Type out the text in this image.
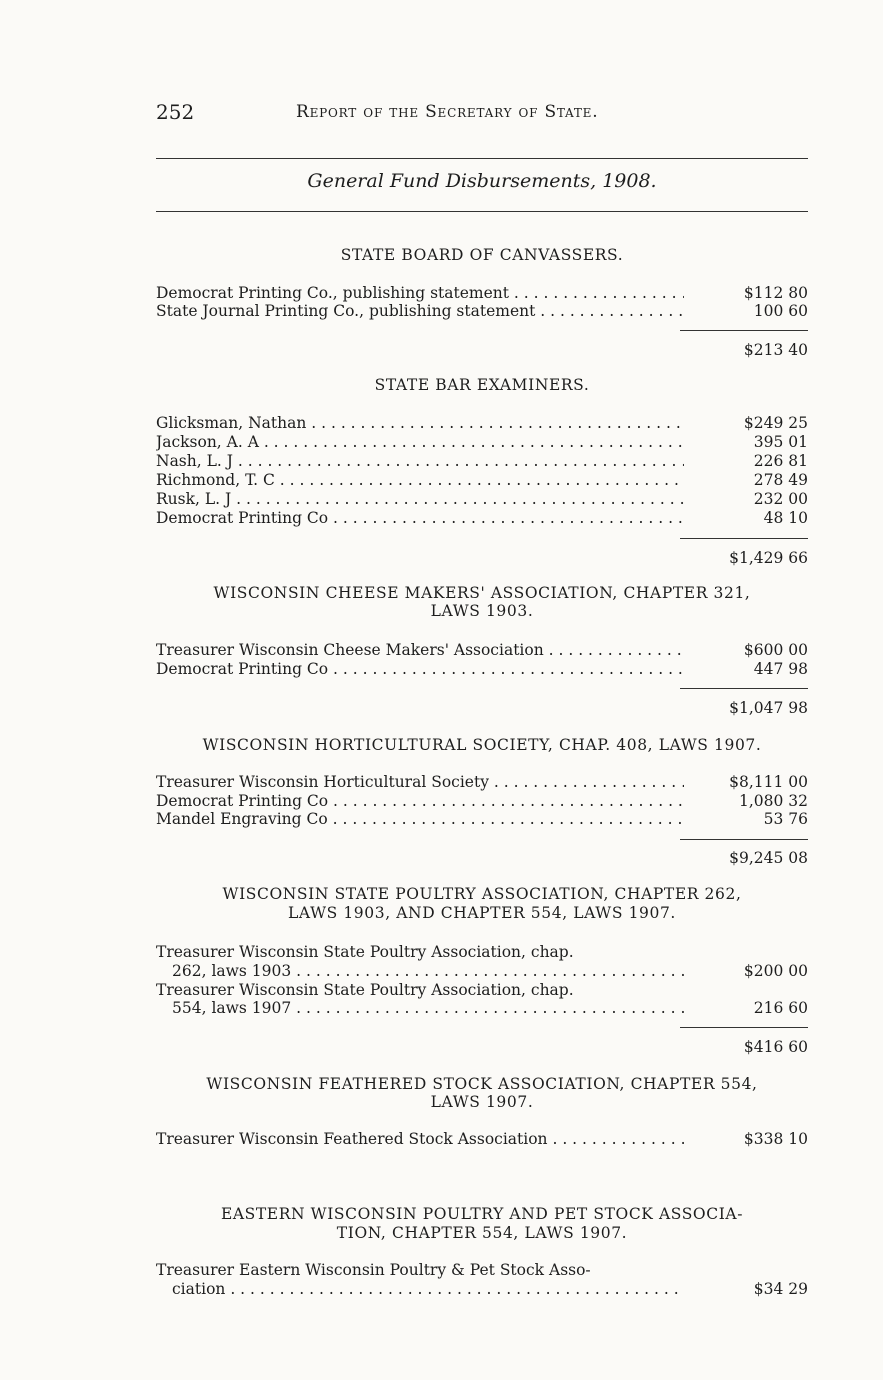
252	Report of the Secretary of State.
General Fund Disbursements, 1908.
STATE BOARD OF CANVASSERS.
Democrat Printing Co., publishing statement . . .	$112 80
State Journal Printing Co., publishing statement . . .	100 60
$213 40
STATE BAR EXAMINERS.
Glicksman, Nathan . . .	$249 25
Jackson, A. A . . .	395 01
Nash, L. J . . .	226 81
Richmond, T. C . . .	278 49
Rusk, L. J . . .	232 00
Democrat Printing Co . . .	48 10
$1,429 66
WISCONSIN CHEESE MAKERS' ASSOCIATION, CHAPTER 321,
LAWS 1903.
Treasurer Wisconsin Cheese Makers' Association . . .	$600 00
Democrat Printing Co . . .	447 98
$1,047 98
WISCONSIN HORTICULTURAL SOCIETY, CHAP. 408, LAWS 1907.
Treasurer Wisconsin Horticultural Society . . .	$8,111 00
Democrat Printing Co . . .	1,080 32
Mandel Engraving Co . . .	53 76
$9,245 08
WISCONSIN STATE POULTRY ASSOCIATION, CHAPTER 262,
LAWS 1903, AND CHAPTER 554, LAWS 1907.
Treasurer Wisconsin State Poultry Association, chap.
262, laws 1903 . . .	$200 00
Treasurer Wisconsin State Poultry Association, chap.
554, laws 1907 . . .	216 60
$416 60
WISCONSIN FEATHERED STOCK ASSOCIATION, CHAPTER 554,
LAWS 1907.
Treasurer Wisconsin Feathered Stock Association . . .	$338 10
EASTERN WISCONSIN POULTRY AND PET STOCK ASSOCIA-
TION, CHAPTER 554, LAWS 1907.
Treasurer Eastern Wisconsin Poultry & Pet Stock Asso-
ciation . . .	$34 29
